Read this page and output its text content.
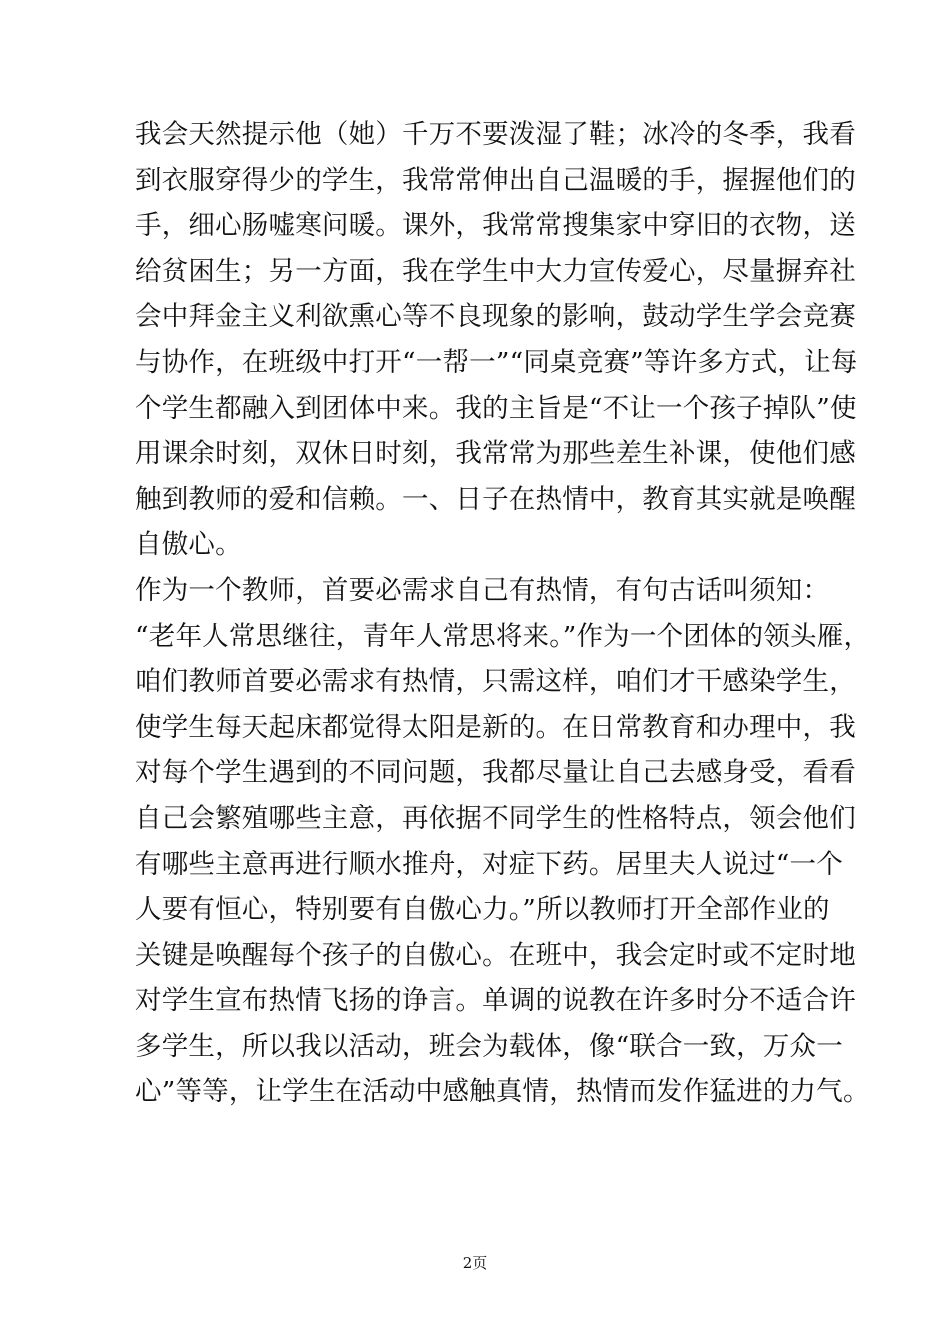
我会天然提示他（她）千万不要泼湿了鞋；冰冷的冬季，我看
到衣服穿得少的学生，我常常伸出自己温暖的手，握握他们的
手，细心肠嘘寒问暖。课外，我常常搜集家中穿旧的衣物，送
给贫困生；另一方面，我在学生中大力宣传爱心，尽量摒弃社
会中拜金主义利欲熏心等不良现象的影响，鼓动学生学会竞赛
与协作，在班级中打开“一帮一”“同桌竞赛”等许多方式，让每
个学生都融入到团体中来。我的主旨是“不让一个孩子掉队”使
用课余时刻，双休日时刻，我常常为那些差生补课，使他们感
触到教师的爱和信赖。一、日子在热情中，教育其实就是唤醒
自傲心。
作为一个教师，首要必需求自己有热情，有句古话叫须知：
“老年人常思继往，青年人常思将来。”作为一个团体的领头雁，
咱们教师首要必需求有热情，只需这样，咱们才干感染学生，
使学生每天起床都觉得太阳是新的。在日常教育和办理中，我
对每个学生遇到的不同问题，我都尽量让自己去感身受，看看
自己会繁殖哪些主意，再依据不同学生的性格特点，领会他们
有哪些主意再进行顺水推舟，对症下药。居里夫人说过“一个
人要有恒心，特别要有自傲心力。”所以教师打开全部作业的
关键是唤醒每个孩子的自傲心。在班中，我会定时或不定时地
对学生宣布热情飞扬的诤言。单调的说教在许多时分不适合许
多学生，所以我以活动，班会为载体，像“联合一致，万众一
心”等等，让学生在活动中感触真情，热情而发作猛进的力气。
2页
